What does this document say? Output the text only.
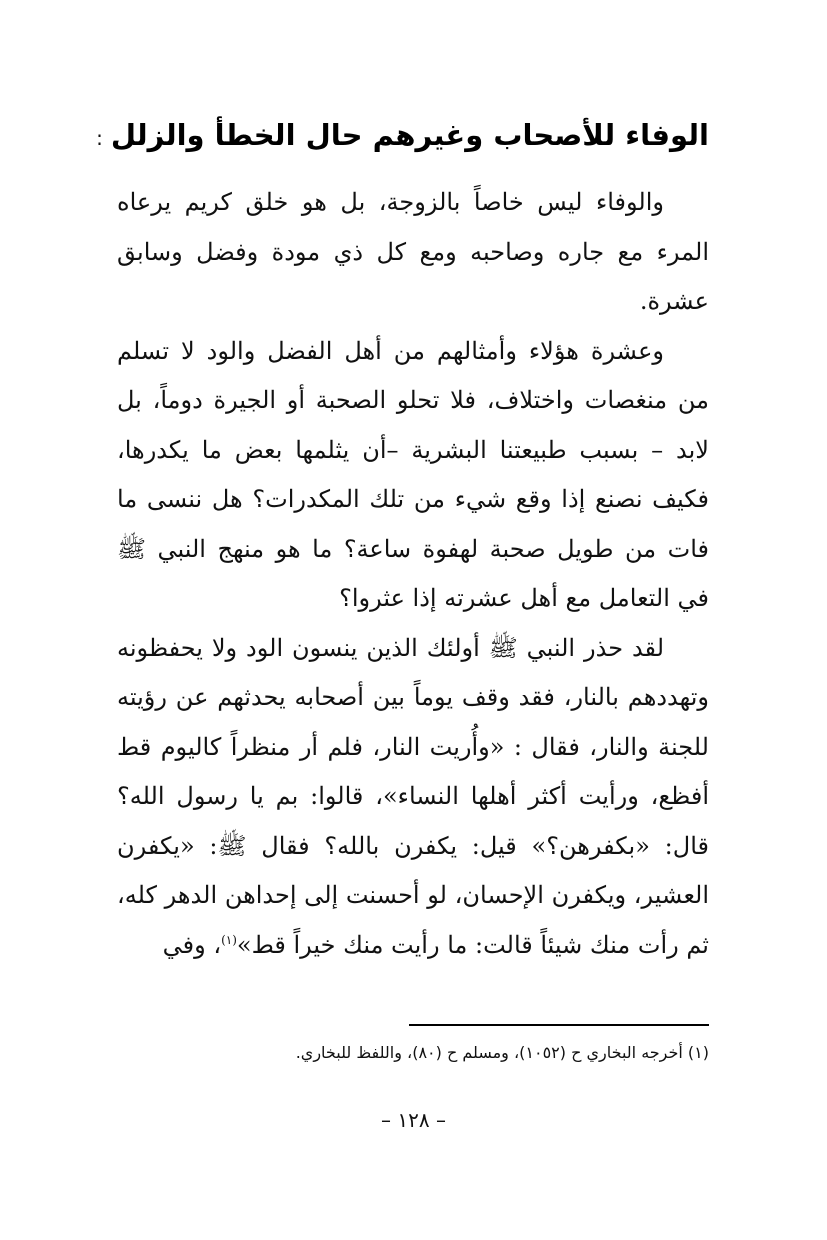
الوفاء للأصحاب وغيرهم حال الخطأ والزلل:

والوفاء ليس خاصاً بالزوجة، بل هو خلق كريم يرعاه المرء مع جاره وصاحبه ومع كل ذي مودة وفضل وسابق عشرة.

وعشرة هؤلاء وأمثالهم من أهل الفضل والود لا تسلم من منغصات واختلاف، فلا تحلو الصحبة أو الجيرة دوماً، بل لابد – بسبب طبيعتنا البشرية –أن يثلمها بعض ما يكدرها، فكيف نصنع إذا وقع شيء من تلك المكدرات؟ هل ننسى ما فات من طويل صحبة لهفوة ساعة؟ ما هو منهج النبي ﷺ في التعامل مع أهل عشرته إذا عثروا؟

لقد حذر النبي ﷺ أولئك الذين ينسون الود ولا يحفظونه وتهددهم بالنار، فقد وقف يوماً بين أصحابه يحدثهم عن رؤيته للجنة والنار، فقال : «وأُريت النار، فلم أر منظراً كاليوم قط أفظع، ورأيت أكثر أهلها النساء»، قالوا: بم يا رسول الله؟ قال: «بكفرهن؟» قيل: يكفرن بالله؟ فقال ﷺ: «يكفرن العشير، ويكفرن الإحسان، لو أحسنت إلى إحداهن الدهر كله، ثم رأت منك شيئاً قالت: ما رأيت منك خيراً قط»$^{(١)}$، وفي

(١) أخرجه البخاري ح (١٠٥٢)، ومسلم ح (٨٠)، واللفظ للبخاري.
– ١٢٨ –
